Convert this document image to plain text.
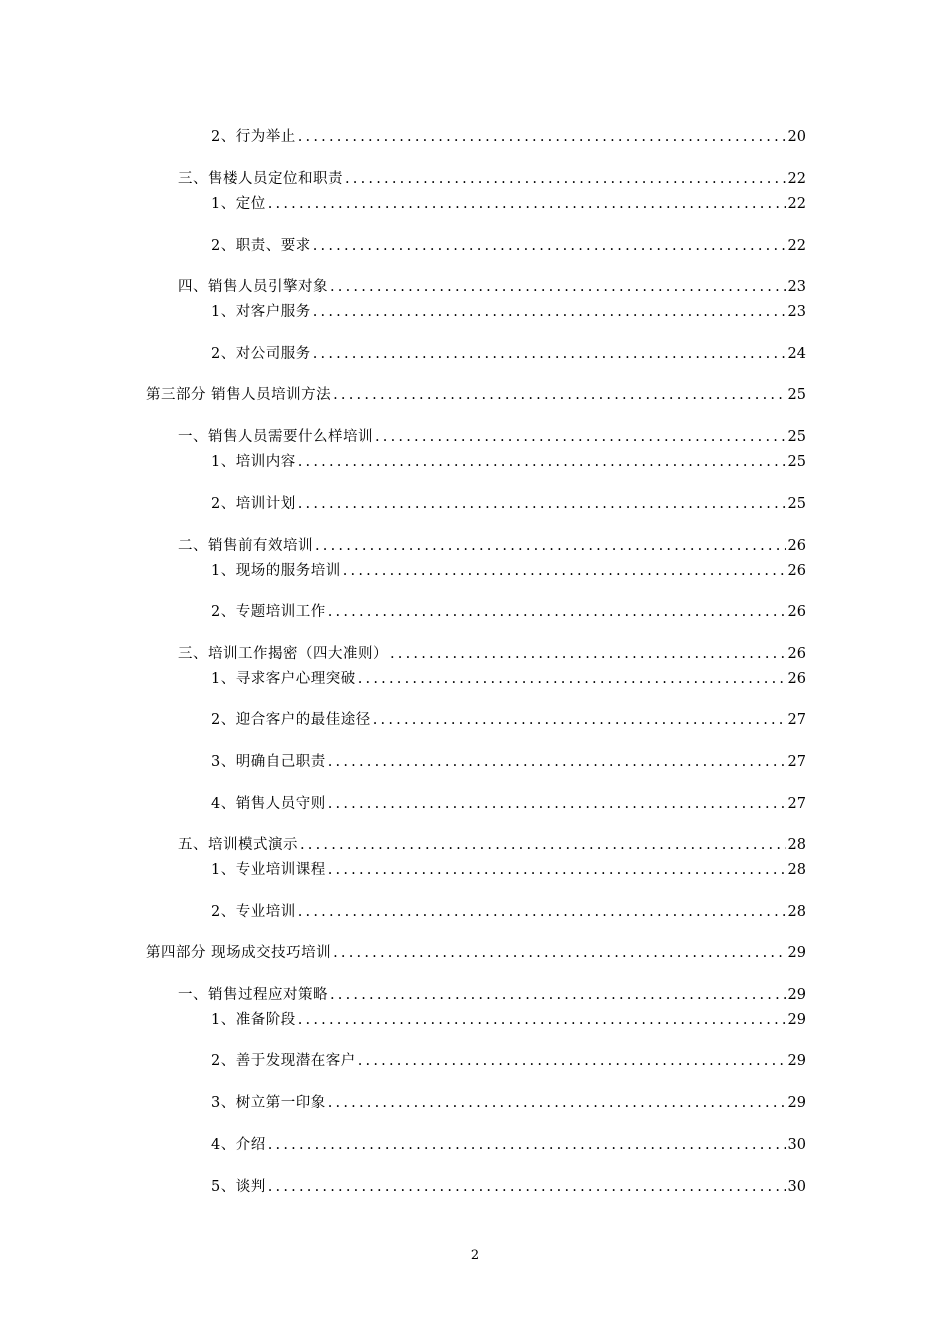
2、行为举止 .....	20
三、售楼人员定位和职责 .....	22
1、定位 .....	22
2、职责、要求 .....	22
四、销售人员引擎对象 .....	23
1、对客户服务 .....	23
2、对公司服务 .....	24
第三部分 销售人员培训方法 .....	25
一、销售人员需要什么样培训 .....	25
1、培训内容 .....	25
2、培训计划 .....	25
二、销售前有效培训 .....	26
1、现场的服务培训 .....	26
2、专题培训工作 .....	26
三、培训工作揭密（四大准则） .....	26
1、寻求客户心理突破 .....	26
2、迎合客户的最佳途径 .....	27
3、明确自己职责 .....	27
4、销售人员守则 .....	27
五、培训模式演示 .....	28
1、专业培训课程 .....	28
2、专业培训 .....	28
第四部分 现场成交技巧培训 .....	29
一、销售过程应对策略 .....	29
1、准备阶段 .....	29
2、善于发现潜在客户 .....	29
3、树立第一印象 .....	29
4、介绍 .....	30
5、谈判 .....	30
2
